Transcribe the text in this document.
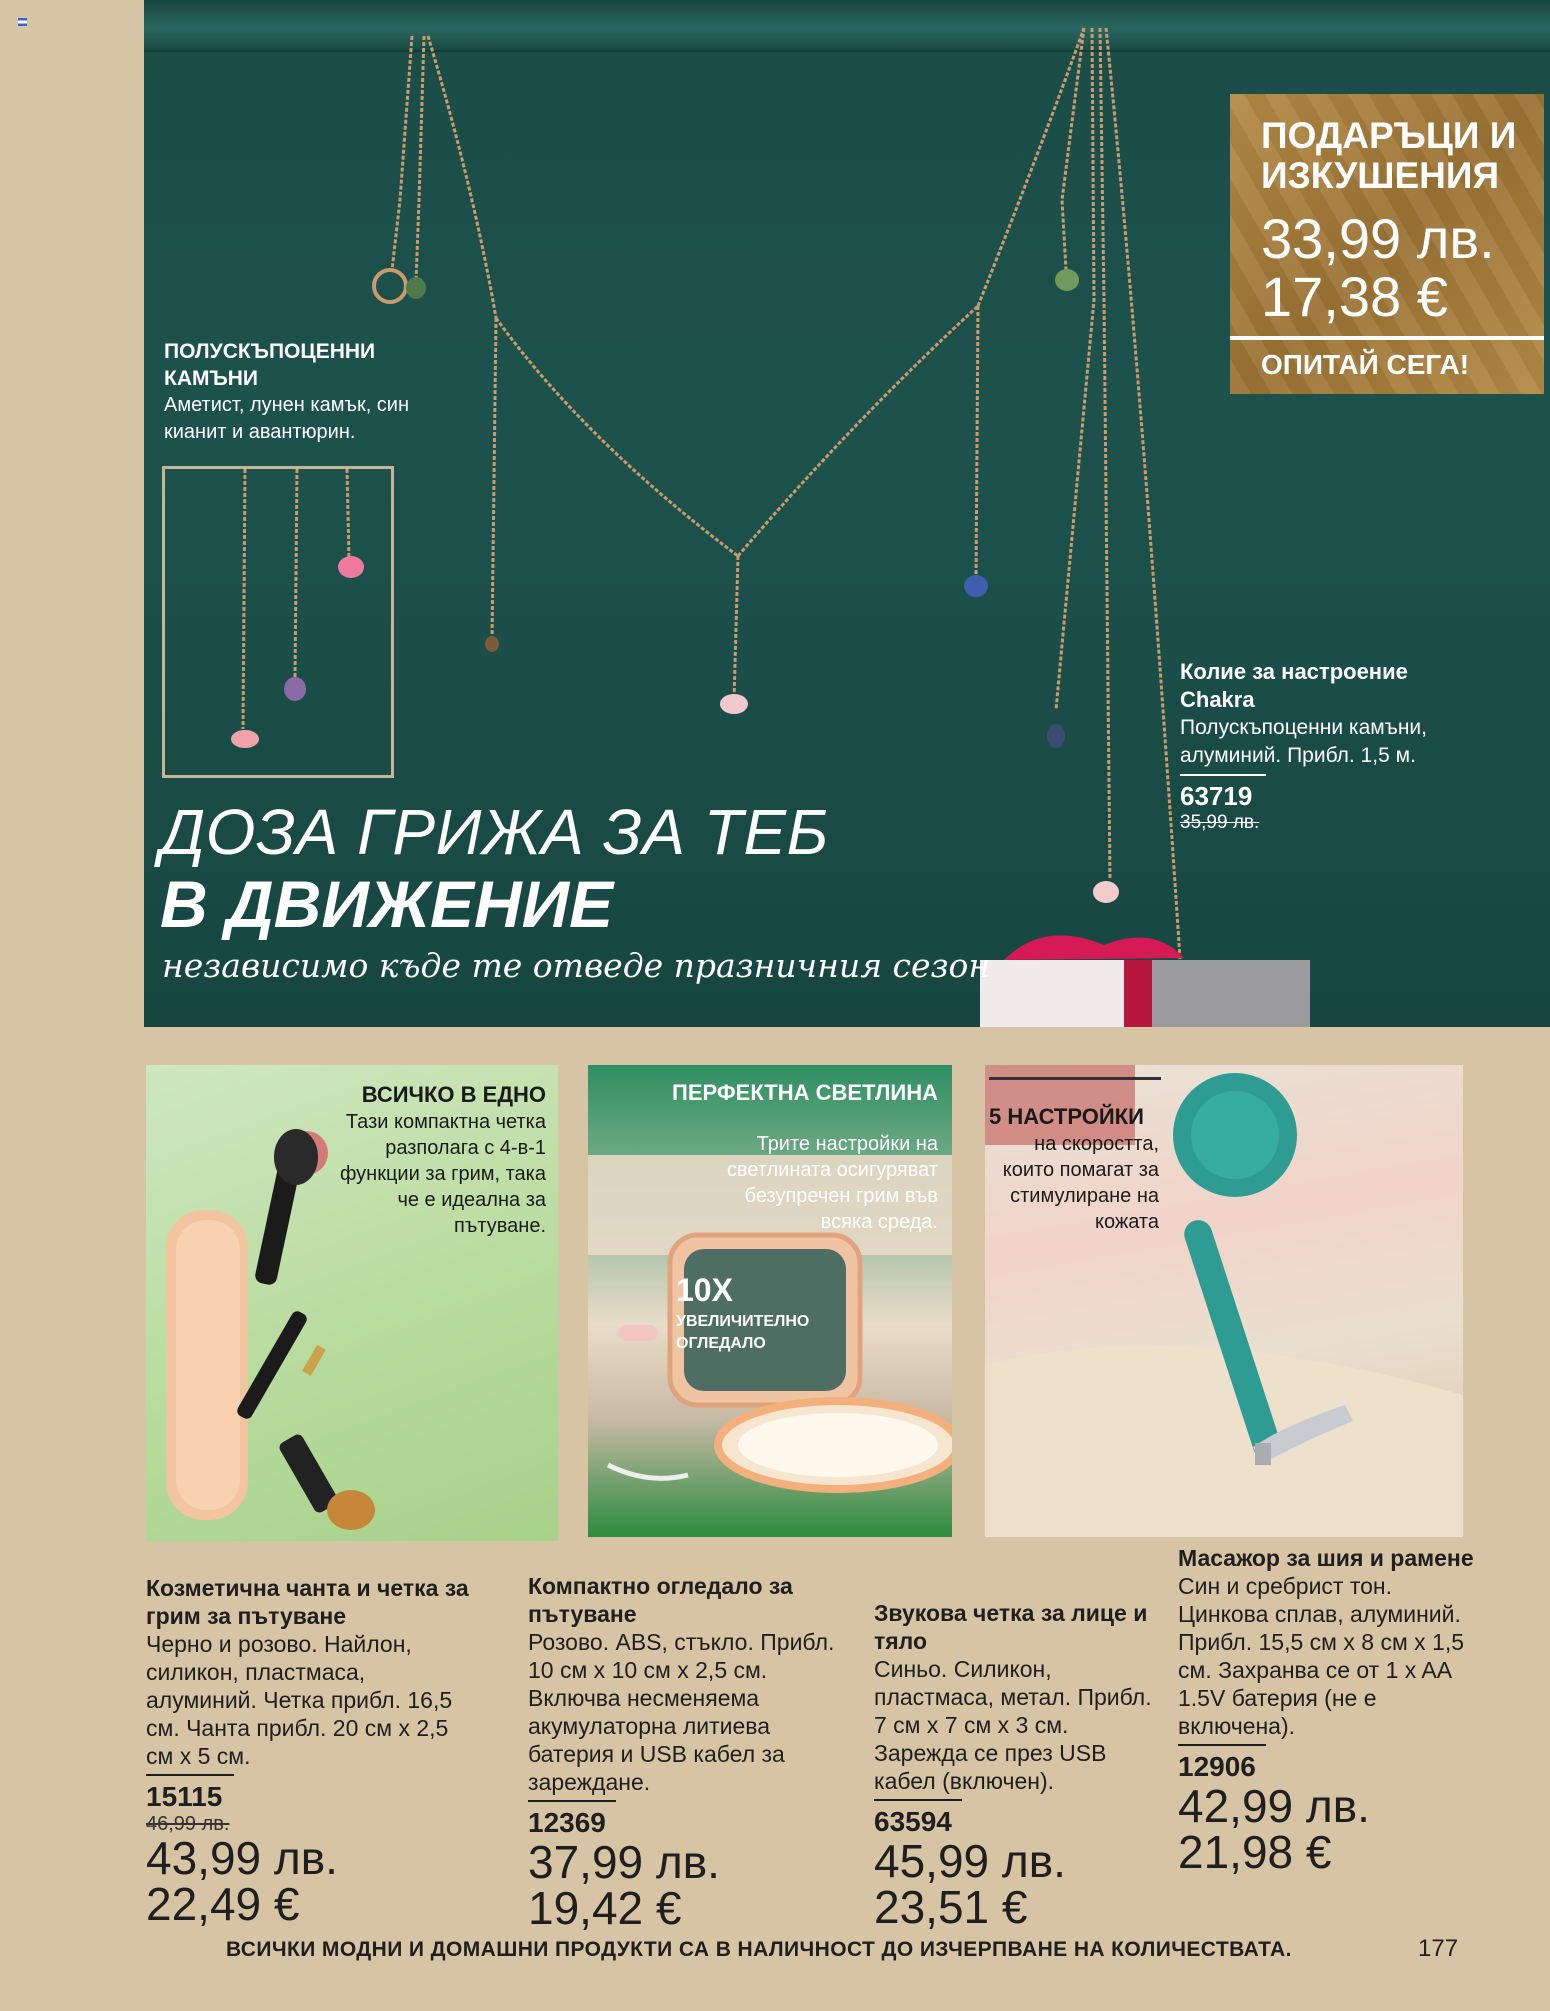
ПОЛУСКЪПОЦЕННИ КАМЪНИ
Аметист, лунен камък, син кианит и авантюрин.
ПОДАРЪЦИ И ИЗКУШЕНИЯ
33,99 лв.
17,38 €
ОПИТАЙ СЕГА!
Колие за настроение Chakra
Полускъпоценни камъни, алуминий. Прибл. 1,5 м.
63719
35,99 лв.
ДОЗА ГРИЖА ЗА ТЕБ
В ДВИЖЕНИЕ
независимо къде те отведе празничния сезон
ВСИЧКО В ЕДНО
Тази компактна четка разполага с 4-в-1 функции за грим, така че е идеална за пътуване.
ПЕРФЕКТНА СВЕТЛИНА
Трите настройки на светлината осигуряват безупречен грим във всяка среда.
10X
УВЕЛИЧИТЕЛНО ОГЛЕДАЛО
5 НАСТРОЙКИ
на скоростта, които помагат за стимулиране на кожата
Козметична чанта и четка за грим за пътуване
Черно и розово. Найлон, силикон, пластмаса, алуминий. Четка прибл. 16,5 см. Чанта прибл. 20 см x 2,5 см x 5 см.
15115
46,99 лв.
43,99 лв.
22,49 €
Компактно огледало за пътуване
Розово. ABS, стъкло. Прибл. 10 см x 10 см x 2,5 см. Включва несменяема акумулаторна литиева батерия и USB кабел за зареждане.
12369
37,99 лв.
19,42 €
Звукова четка за лице и тяло
Синьо. Силикон, пластмаса, метал. Прибл. 7 см x 7 см x 3 см. Зарежда се през USB кабел (включен).
63594
45,99 лв.
23,51 €
Масажор за шия и рамене
Син и сребрист тон. Цинкова сплав, алуминий. Прибл. 15,5 см x 8 см x 1,5 см. Захранва се от 1 x AA 1.5V батерия (не е включена).
12906
42,99 лв.
21,98 €
ВСИЧКИ МОДНИ И ДОМАШНИ ПРОДУКТИ СА В НАЛИЧНОСТ ДО ИЗЧЕРПВАНЕ НА КОЛИЧЕСТВАТА.	177
